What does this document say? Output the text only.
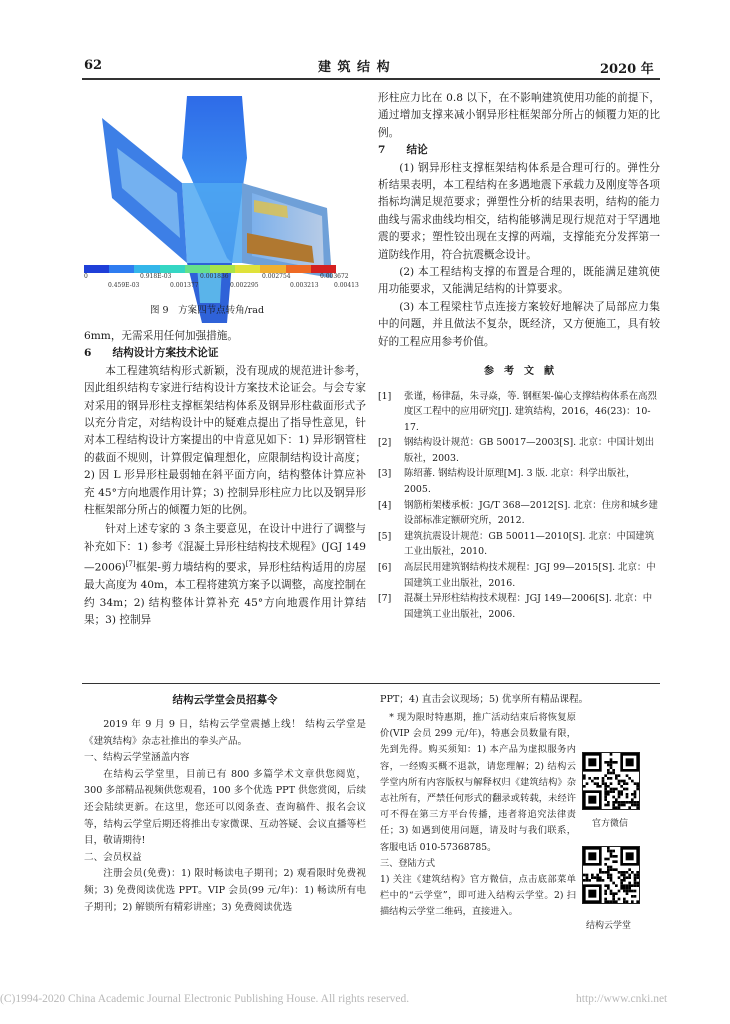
62	建 筑 结 构	2020 年
0	0.918E-03	0.001836	0.002754	0.003672
0.459E-03	0.001377	0.002295	0.003213	0.00413
图 9　方案四节点转角/rad
6mm，无需采用任何加强措施。
6　　结构设计方案技术论证

本工程建筑结构形式新颖，没有现成的规范进计参考，因此组织结构专家进行结构设计方案技术论证会。与会专家对采用的钢异形柱支撑框架结构体系及钢异形柱截面形式予以充分肯定，对结构设计中的疑难点提出了指导性意见，针对本工程结构设计方案提出的中肯意见如下：1) 异形钢管柱的截面不规则，计算假定偏理想化，应限制结构设计高度；2) 因 L 形异形柱最弱轴在斜平面方向，结构整体计算应补充 45°方向地震作用计算；3) 控制异形柱应力比以及钢异形柱框架部分所占的倾覆力矩的比例。

针对上述专家的 3 条主要意见，在设计中进行了调整与补充如下：1) 参考《混凝土异形柱结构技术规程》(JGJ 149—2006)[7]框架-剪力墙结构的要求，异形柱结构适用的房屋最大高度为 40m，本工程将建筑方案予以调整，高度控制在约 34m；2) 结构整体计算补充 45°方向地震作用计算结果；3) 控制异

形柱应力比在 0.8 以下，在不影响建筑使用功能的前提下，通过增加支撑来减小钢异形柱框架部分所占的倾覆力矩的比例。
7　　结论

(1) 钢异形柱支撑框架结构体系是合理可行的。弹性分析结果表明，本工程结构在多遇地震下承载力及刚度等各项指标均满足规范要求；弹塑性分析的结果表明，结构的能力曲线与需求曲线均相交，结构能够满足现行规范对于罕遇地震的要求；塑性铰出现在支撑的两端，支撑能充分发挥第一道防线作用，符合抗震概念设计。

(2) 本工程结构支撑的布置是合理的，既能满足建筑使用功能要求，又能满足结构的计算要求。

(3) 本工程梁柱节点连接方案较好地解决了局部应力集中的问题，并且做法不复杂，既经济，又方便施工，具有较好的工程应用参考价值。

参　考　文　献
[1]	张谨，杨律磊，朱寻焱，等. 钢框架-偏心支撑结构体系在高烈度区工程中的应用研究[J]. 建筑结构，2016，46(23)：10-17.
[2]	钢结构设计规范：GB 50017—2003[S]. 北京：中国计划出版社，2003.
[3]	陈绍蕃. 钢结构设计原理[M]. 3 版. 北京：科学出版社，2005.
[4]	钢筋桁架楼承板：JG/T 368—2012[S]. 北京：住房和城乡建设部标准定额研究所，2012.
[5]	建筑抗震设计规范：GB 50011—2010[S]. 北京：中国建筑工业出版社，2010.
[6]	高层民用建筑钢结构技术规程：JGJ 99—2015[S]. 北京：中国建筑工业出版社，2016.
[7]	混凝土异形柱结构技术规程：JGJ 149—2006[S]. 北京：中国建筑工业出版社，2006.
结构云学堂会员招募令

2019 年 9 月 9 日，结构云学堂震撼上线！ 结构云学堂是《建筑结构》杂志社推出的拳头产品。

一、结构云学堂涵盖内容

在结构云学堂里，目前已有 800 多篇学术文章供您阅览，300 多部精品视频供您观看，100 多个优选 PPT 供您赏阅，后续还会陆续更新。在这里，您还可以阅条查、查询稿件、报名会议等，结构云学堂后期还将推出专家微课、互动答疑、会议直播等栏目，敬请期待!

二、会员权益

注册会员(免费)：1) 限时畅读电子期刊；2) 观看限时免费视频；3) 免费阅读优选 PPT。VIP 会员(99 元/年)：1) 畅读所有电子期刊；2) 解锁所有精彩讲座；3) 免费阅读优选

PPT；4) 直击会议现场；5) 优享所有精品课程。

* 现为限时特惠期，推广活动结束后将恢复原价(VIP 会员 299 元/年)，特惠会员数量有限，先到先得。购买须知：1) 本产品为虚拟服务内容，一经购买概不退款，请您理解；2) 结构云学堂内所有内容版权与解释权归《建筑结构》杂志社所有，严禁任何形式的翻录或转载，未经许可不得在第三方平台传播，违者将追究法律责任；3) 如遇到使用问题，请及时与我们联系，客服电话 010-57368785。

三、登陆方式

1) 关注《建筑结构》官方微信，点击底部菜单栏中的“云学堂”，即可进入结构云学堂。2) 扫描结构云学堂二维码，直接进入。

官方微信
结构云学堂
(C)1994-2020 China Academic Journal Electronic Publishing House. All rights reserved.	http://www.cnki.net
